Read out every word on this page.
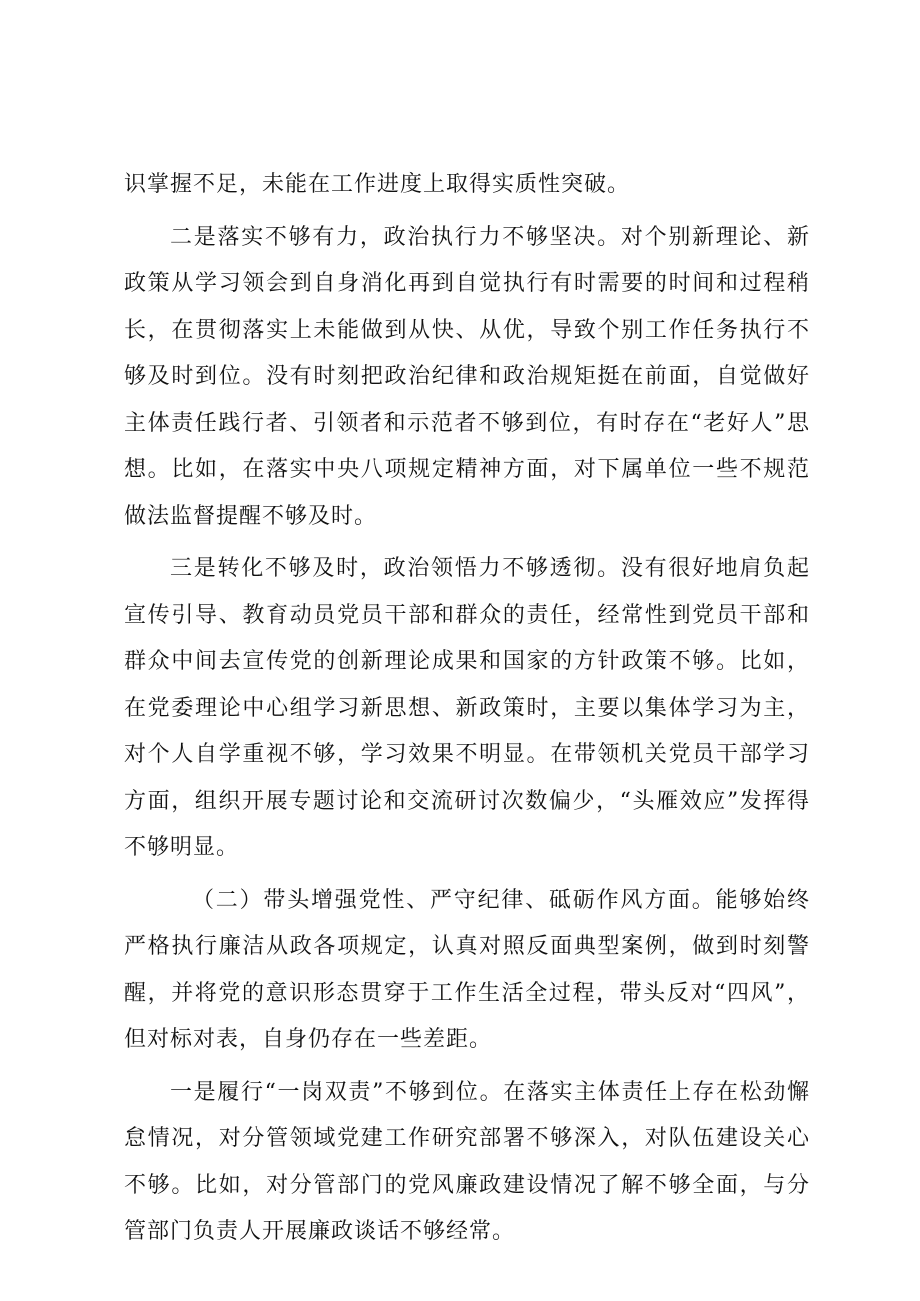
识掌握不足，未能在工作进度上取得实质性突破。

二是落实不够有力，政治执行力不够坚决。对个别新理论、新政策从学习领会到自身消化再到自觉执行有时需要的时间和过程稍长，在贯彻落实上未能做到从快、从优，导致个别工作任务执行不够及时到位。没有时刻把政治纪律和政治规矩挺在前面，自觉做好主体责任践行者、引领者和示范者不够到位，有时存在“老好人”思想。比如，在落实中央八项规定精神方面，对下属单位一些不规范做法监督提醒不够及时。

三是转化不够及时，政治领悟力不够透彻。没有很好地肩负起宣传引导、教育动员党员干部和群众的责任，经常性到党员干部和群众中间去宣传党的创新理论成果和国家的方针政策不够。比如，在党委理论中心组学习新思想、新政策时，主要以集体学习为主，对个人自学重视不够，学习效果不明显。在带领机关党员干部学习方面，组织开展专题讨论和交流研讨次数偏少，“头雁效应”发挥得不够明显。

（二）带头增强党性、严守纪律、砥砺作风方面。能够始终严格执行廉洁从政各项规定，认真对照反面典型案例，做到时刻警醒，并将党的意识形态贯穿于工作生活全过程，带头反对“四风”，但对标对表，自身仍存在一些差距。

一是履行“一岗双责”不够到位。在落实主体责任上存在松劲懈怠情况，对分管领域党建工作研究部署不够深入，对队伍建设关心不够。比如，对分管部门的党风廉政建设情况了解不够全面，与分管部门负责人开展廉政谈话不够经常。
